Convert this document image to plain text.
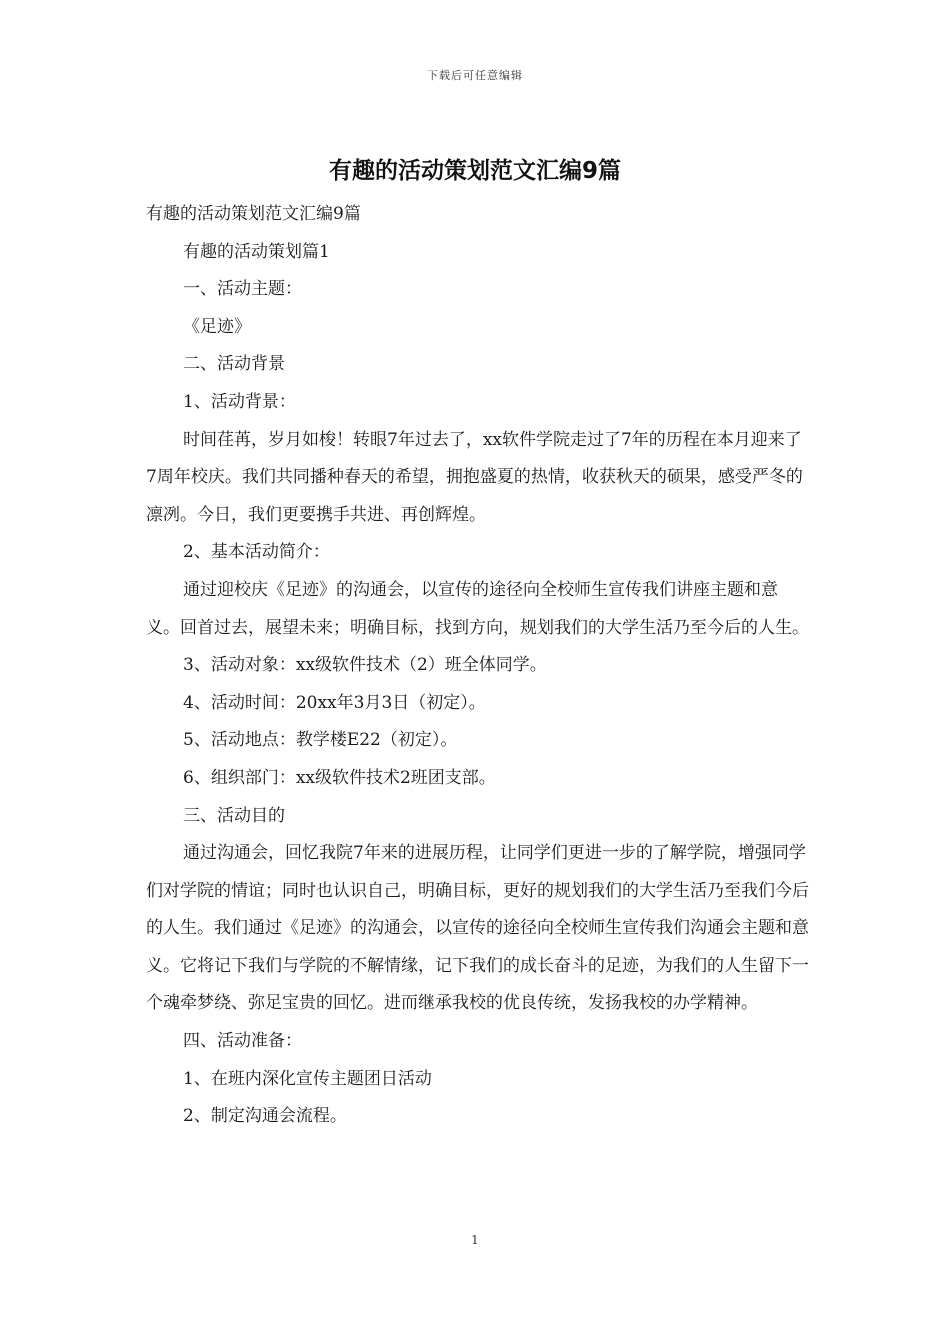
下载后可任意编辑
有趣的活动策划范文汇编9篇

有趣的活动策划范文汇编9篇

有趣的活动策划篇1

一、活动主题：

《足迹》

二、活动背景

1、活动背景：

时间荏苒，岁月如梭！转眼7年过去了，xx软件学院走过了7年的历程在本月迎来了7周年校庆。我们共同播种春天的希望，拥抱盛夏的热情，收获秋天的硕果，感受严冬的凛冽。今日，我们更要携手共进、再创辉煌。

2、基本活动简介：

通过迎校庆《足迹》的沟通会，以宣传的途径向全校师生宣传我们讲座主题和意义。回首过去，展望未来；明确目标，找到方向，规划我们的大学生活乃至今后的人生。

3、活动对象：xx级软件技术（2）班全体同学。

4、活动时间：20xx年3月3日（初定）。

5、活动地点：教学楼E22（初定）。

6、组织部门：xx级软件技术2班团支部。

三、活动目的

通过沟通会，回忆我院7年来的进展历程，让同学们更进一步的了解学院，增强同学们对学院的情谊；同时也认识自己，明确目标，更好的规划我们的大学生活乃至我们今后的人生。我们通过《足迹》的沟通会，以宣传的途径向全校师生宣传我们沟通会主题和意义。它将记下我们与学院的不解情缘，记下我们的成长奋斗的足迹，为我们的人生留下一个魂牵梦绕、弥足宝贵的回忆。进而继承我校的优良传统，发扬我校的办学精神。

四、活动准备：

1、在班内深化宣传主题团日活动

2、制定沟通会流程。

1
